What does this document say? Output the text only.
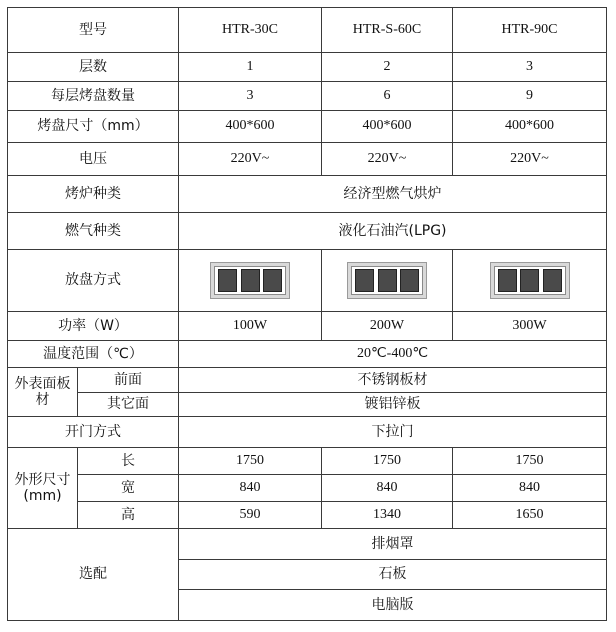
型号		HTR-30C	HTR-S-60C	HTR-90C
层数		1	2	3
每层烤盘数量		3	6	9
烤盘尺寸（mm）		400*600	400*600	400*600
电压		220V~	220V~	220V~
烤炉种类		经济型燃气烘炉		
燃气种类		液化石油汽(LPG)		
放盘方式		

功率（W）		100W	200W	300W
温度范围（℃）		20℃-400℃		
外表面板材	前面	不锈钢板材		
	其它面	镀铝锌板		
开门方式		下拉门		
外形尺寸(mm)	长	1750	1750	1750
	宽	840	840	840
	高	590	1340	1650
选配		排烟罩		
		石板		
		电脑版		
